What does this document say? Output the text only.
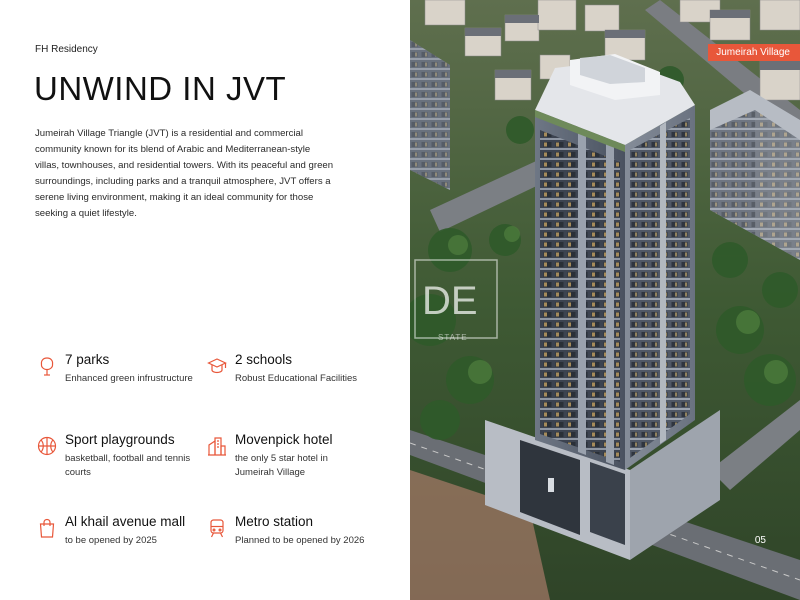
FH Residency
UNWIND IN JVT

Jumeirah Village Triangle (JVT) is a residential and commercial community known for its blend of Arabic and Mediterranean-style villas, townhouses, and residential towers. With its peaceful and green surroundings, including parks and a tranquil atmosphere, JVT offers a serene living environment, making it an ideal community for those seeking a quiet lifestyle.

7 parks
Enhanced green infrustructure
2 schools
Robust Educational Facilities
Sport playgrounds
basketball, football and tennis courts
Movenpick hotel
the only 5 star hotel in Jumeirah Village
Al khail avenue mall
to be opened by 2025
Metro station
Planned to be opened by 2026
DE
STATE
Jumeirah Village
05
